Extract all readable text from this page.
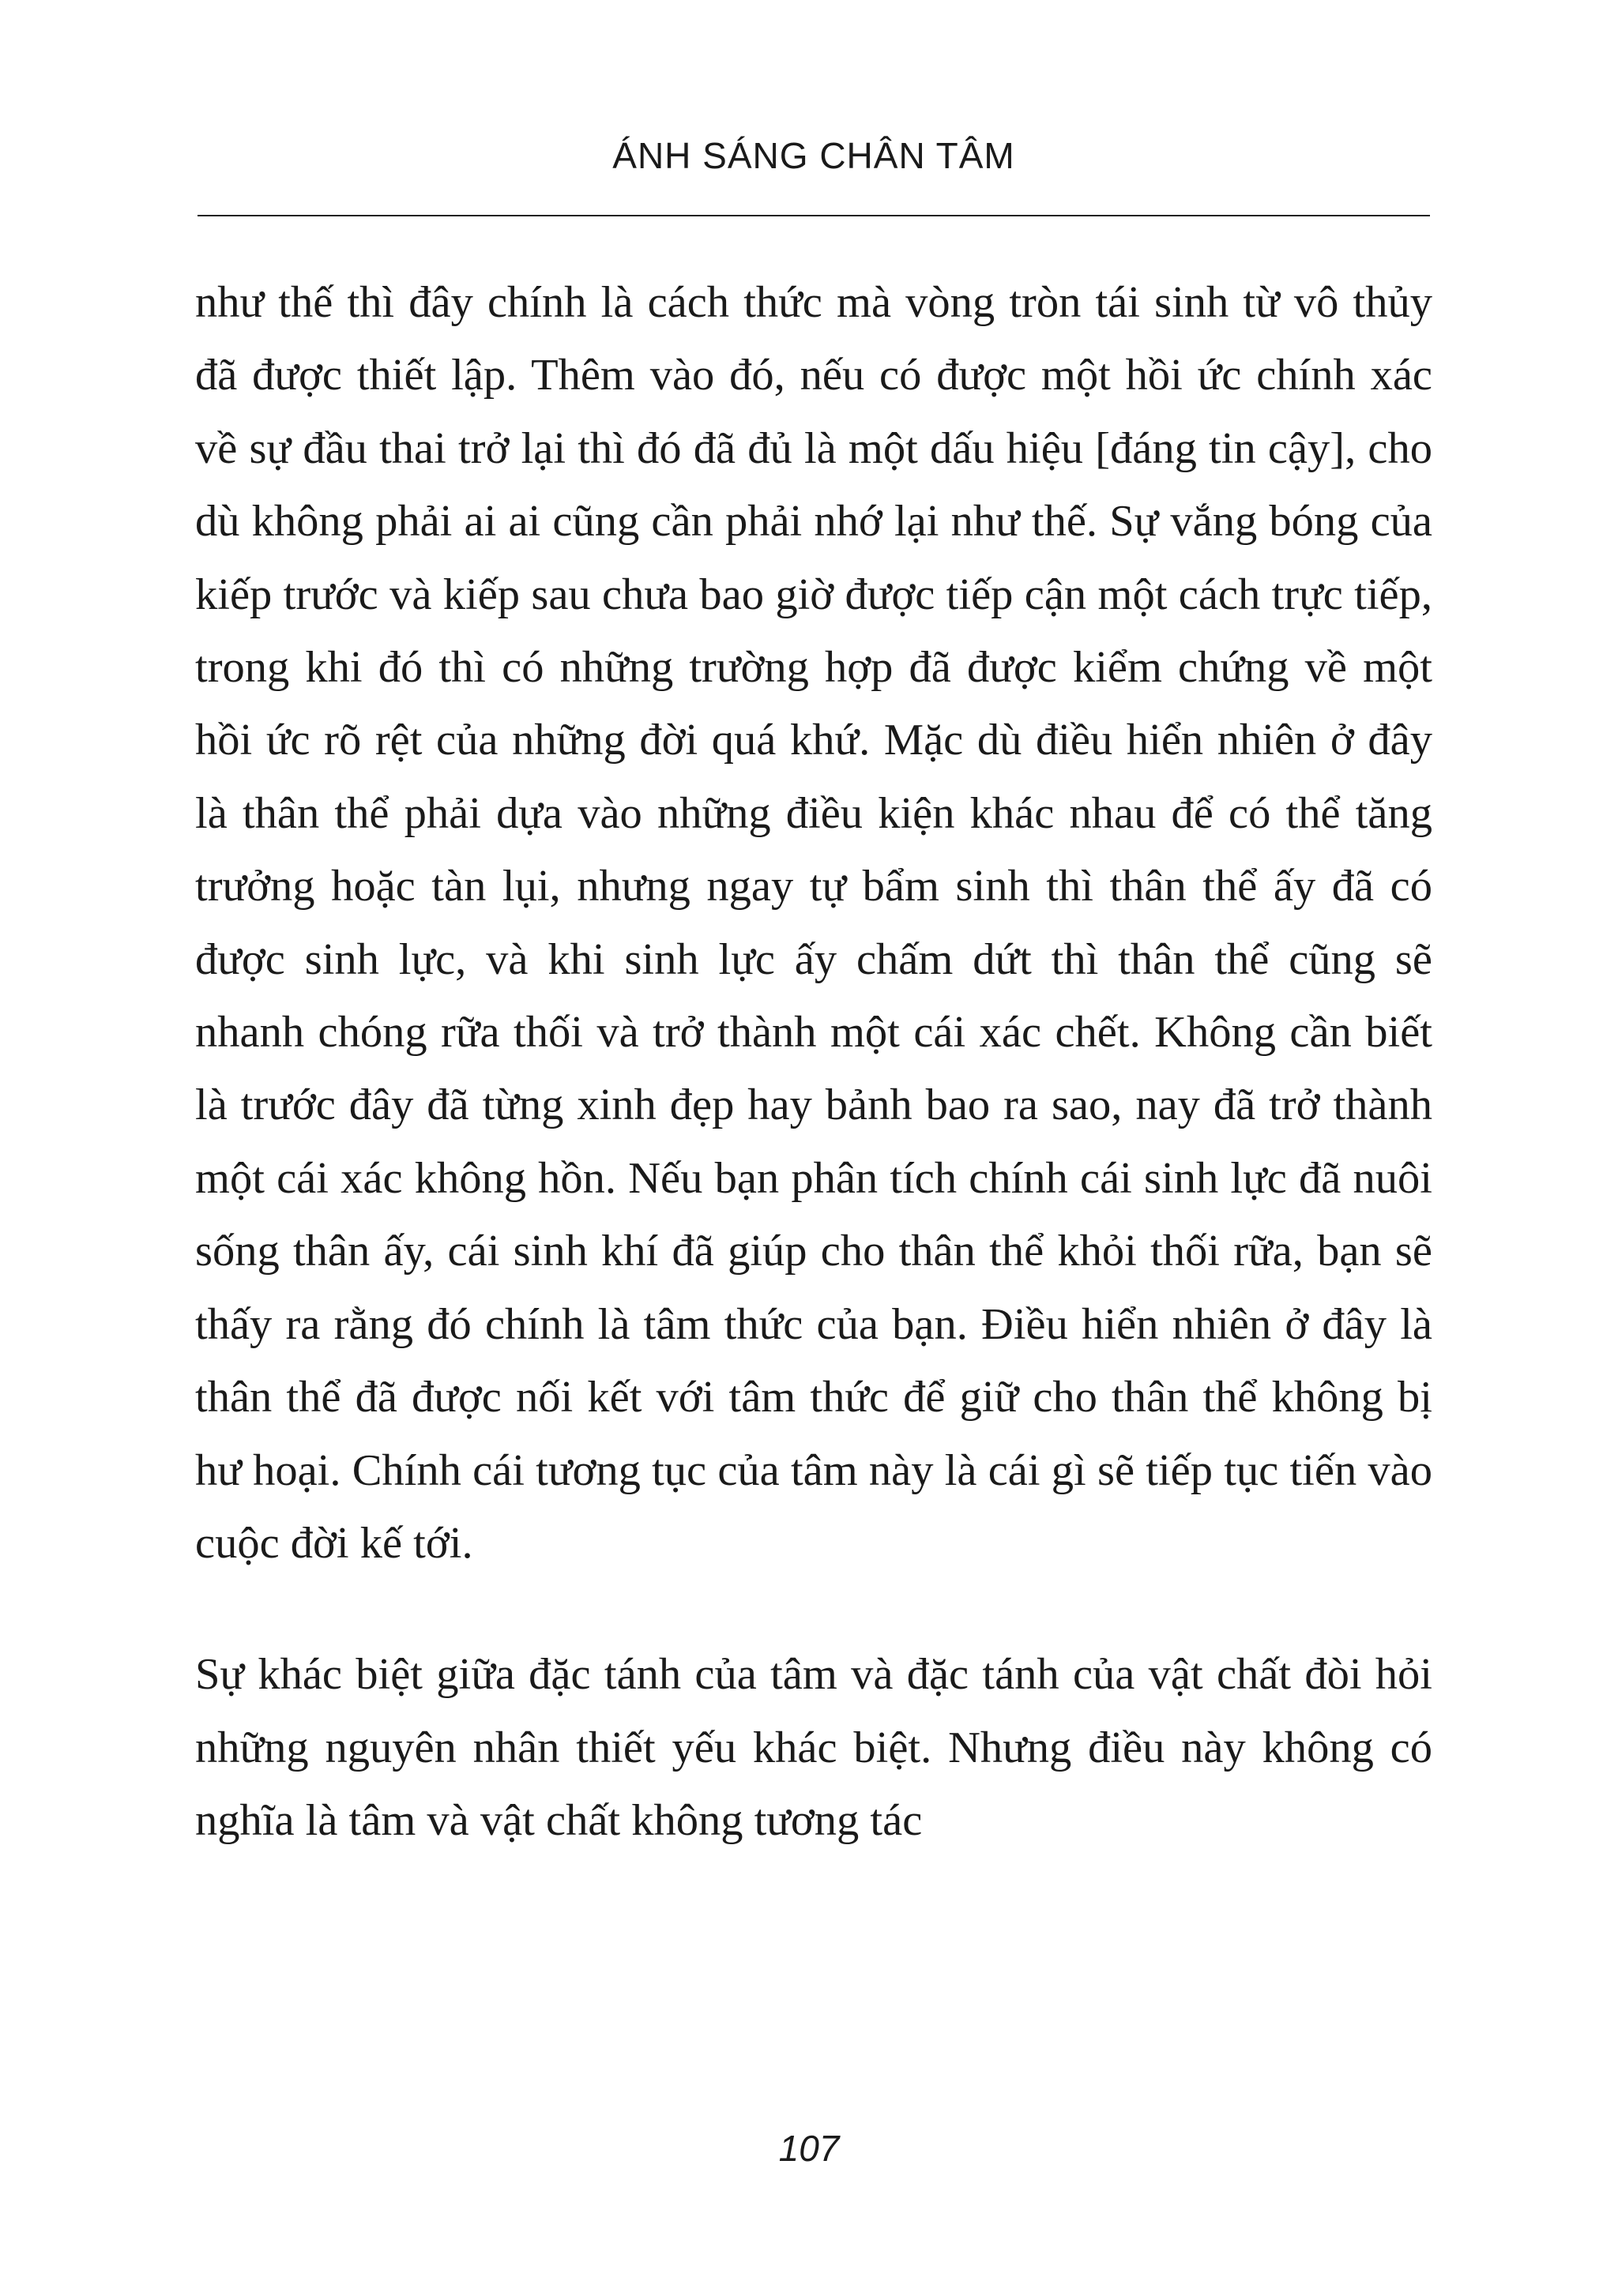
ÁNH SÁNG CHÂN TÂM

như thế thì đây chính là cách thức mà vòng tròn tái sinh từ vô thủy đã được thiết lập. Thêm vào đó, nếu có được một hồi ức chính xác về sự đầu thai trở lại thì đó đã đủ là một dấu hiệu [đáng tin cậy], cho dù không phải ai ai cũng cần phải nhớ lại như thế. Sự vắng bóng của kiếp trước và kiếp sau chưa bao giờ được tiếp cận một cách trực tiếp, trong khi đó thì có những trường hợp đã được kiểm chứng về một hồi ức rõ rệt của những đời quá khứ. Mặc dù điều hiển nhiên ở đây là thân thể phải dựa vào những điều kiện khác nhau để có thể tăng trưởng hoặc tàn lụi, nhưng ngay tự bẩm sinh thì thân thể ấy đã có được sinh lực, và khi sinh lực ấy chấm dứt thì thân thể cũng sẽ nhanh chóng rữa thối và trở thành một cái xác chết. Không cần biết là trước đây đã từng xinh đẹp hay bảnh bao ra sao, nay đã trở thành một cái xác không hồn. Nếu bạn phân tích chính cái sinh lực đã nuôi sống thân ấy, cái sinh khí đã giúp cho thân thể khỏi thối rữa, bạn sẽ thấy ra rằng đó chính là tâm thức của bạn. Điều hiển nhiên ở đây là thân thể đã được nối kết với tâm thức để giữ cho thân thể không bị hư hoại. Chính cái tương tục của tâm này là cái gì sẽ tiếp tục tiến vào cuộc đời kế tới.

Sự khác biệt giữa đặc tánh của tâm và đặc tánh của vật chất đòi hỏi những nguyên nhân thiết yếu khác biệt. Nhưng điều này không có nghĩa là tâm và vật chất không tương tác

107
